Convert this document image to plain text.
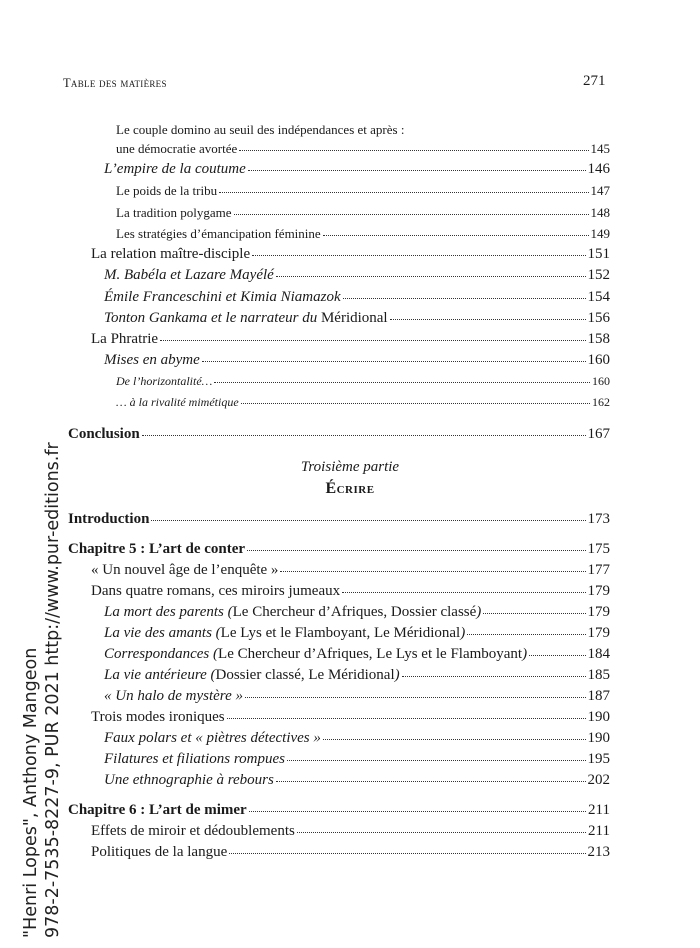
Table des matières	271
Le couple domino au seuil des indépendances et après :
une démocratie avortée	145
L’empire de la coutume	146
Le poids de la tribu	147
La tradition polygame	148
Les stratégies d’émancipation féminine	149
La relation maître-disciple	151
M. Babéla et Lazare Mayélé	152
Émile Franceschini et Kimia Niamazok	154
Tonton Gankama et le narrateur du Méridional	156
La Phratrie	158
Mises en abyme	160
De l’horizontalité…	160
… à la rivalité mimétique	162
Conclusion	167
Introduction	173
Chapitre 5 : L’art de conter	175
« Un nouvel âge de l’enquête »	177
Dans quatre romans, ces miroirs jumeaux	179
La mort des parents (Le Chercheur d’Afriques, Dossier classé)	179
La vie des amants (Le Lys et le Flamboyant, Le Méridional)	179
Correspondances (Le Chercheur d’Afriques, Le Lys et le Flamboyant)	184
La vie antérieure (Dossier classé, Le Méridional)	185
« Un halo de mystère »	187
Trois modes ironiques	190
Faux polars et « piètres détectives »	190
Filatures et filiations rompues	195
Une ethnographie à rebours	202
Chapitre 6 : L’art de mimer	211
Effets de miroir et dédoublements	211
Politiques de la langue	213
Troisième partie
Écrire
"Henri Lopes", Anthony Mangeon 978-2-7535-8227-9, PUR 2021 http://www.pur-editions.fr
